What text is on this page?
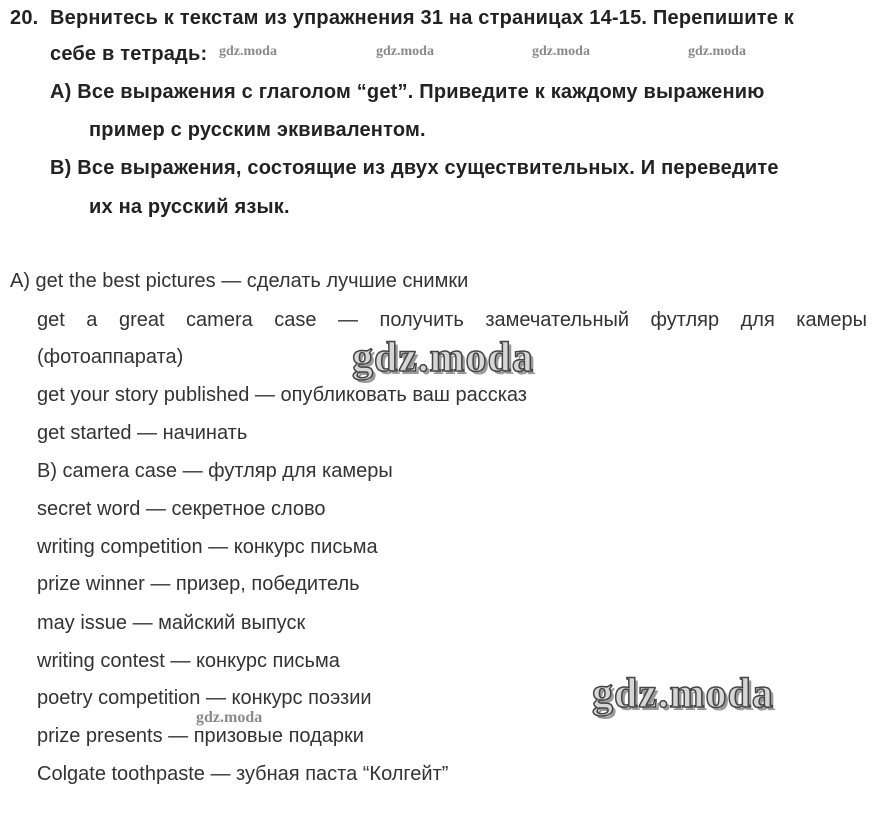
20. Вернитесь к текстам из упражнения 31 на страницах 14-15. Перепишите к
себе в тетрадь:
A) Все выражения с глаголом “get”. Приведите к каждому выражению
пример с русским эквивалентом.
B) Все выражения, состоящие из двух существительных. И переведите
их на русский язык.
gdz.moda	gdz.moda	gdz.moda	gdz.moda
A) get the best pictures — сделать лучшие снимки
get a great camera case — получить замечательный футляр для камеры
(фотоаппарата)
get your story published — опубликовать ваш рассказ
get started — начинать
B) camera case — футляр для камеры
secret word — секретное слово
writing competition — конкурс письма
prize winner — призер, победитель
may issue — майский выпуск
writing contest — конкурс письма
poetry competition — конкурс поэзии
prize presents — призовые подарки
Colgate toothpaste — зубная паста “Колгейт”
gdz.moda
gdz.moda
gdz.moda
